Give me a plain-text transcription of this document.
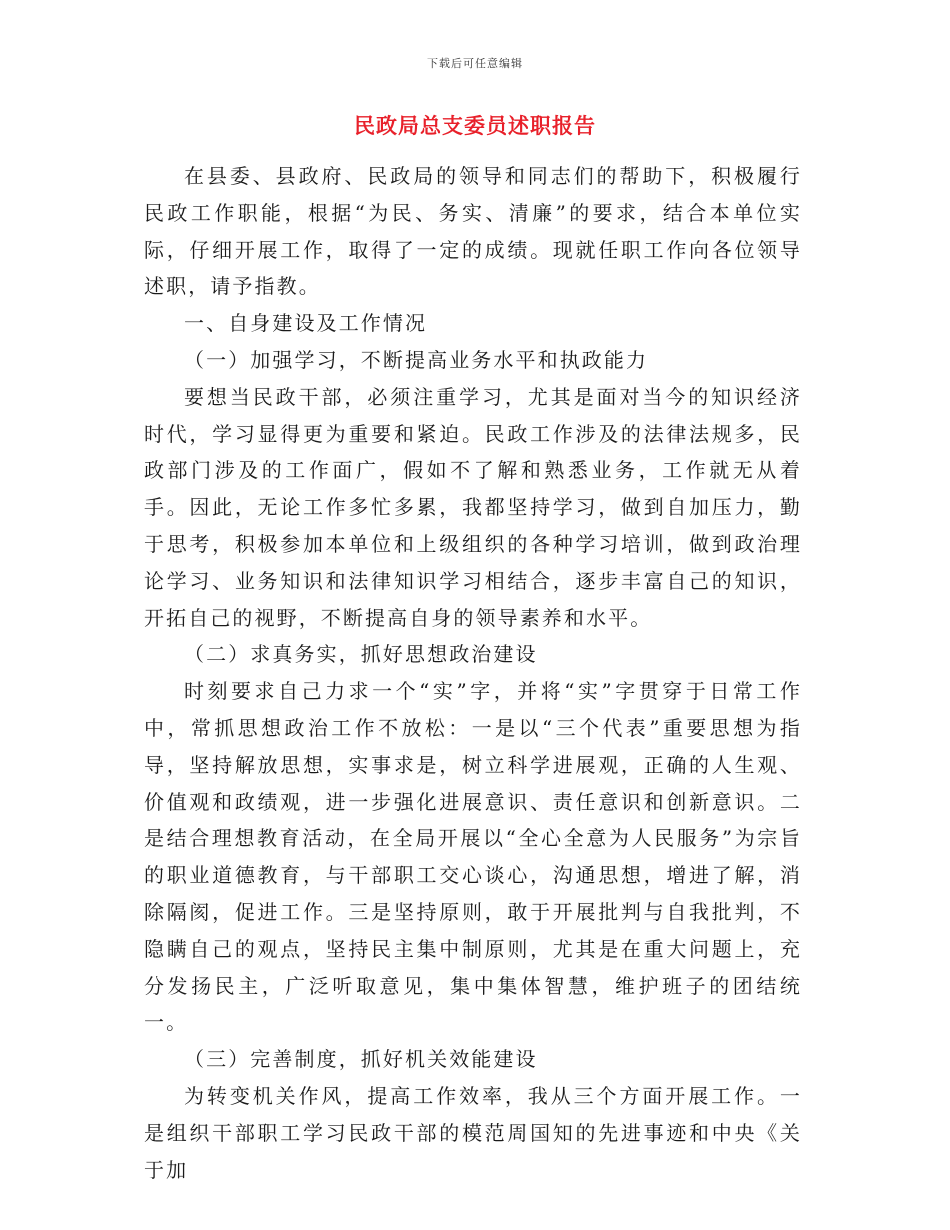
下载后可任意编辑
民政局总支委员述职报告

在县委、县政府、民政局的领导和同志们的帮助下，积极履行民政工作职能，根据“为民、务实、清廉”的要求，结合本单位实际，仔细开展工作，取得了一定的成绩。现就任职工作向各位领导述职，请予指教。

一、自身建设及工作情况

（一）加强学习，不断提高业务水平和执政能力

要想当民政干部，必须注重学习，尤其是面对当今的知识经济时代，学习显得更为重要和紧迫。民政工作涉及的法律法规多，民政部门涉及的工作面广，假如不了解和熟悉业务，工作就无从着手。因此，无论工作多忙多累，我都坚持学习，做到自加压力，勤于思考，积极参加本单位和上级组织的各种学习培训，做到政治理论学习、业务知识和法律知识学习相结合，逐步丰富自己的知识，开拓自己的视野，不断提高自身的领导素养和水平。

（二）求真务实，抓好思想政治建设

时刻要求自己力求一个“实”字，并将“实”字贯穿于日常工作中，常抓思想政治工作不放松：一是以“三个代表”重要思想为指导，坚持解放思想，实事求是，树立科学进展观，正确的人生观、价值观和政绩观，进一步强化进展意识、责任意识和创新意识。二是结合理想教育活动，在全局开展以“全心全意为人民服务”为宗旨的职业道德教育，与干部职工交心谈心，沟通思想，增进了解，消除隔阂，促进工作。三是坚持原则，敢于开展批判与自我批判，不隐瞒自己的观点，坚持民主集中制原则，尤其是在重大问题上，充分发扬民主，广泛听取意见，集中集体智慧，维护班子的团结统一。

（三）完善制度，抓好机关效能建设

为转变机关作风，提高工作效率，我从三个方面开展工作。一是组织干部职工学习民政干部的模范周国知的先进事迹和中央《关于加
